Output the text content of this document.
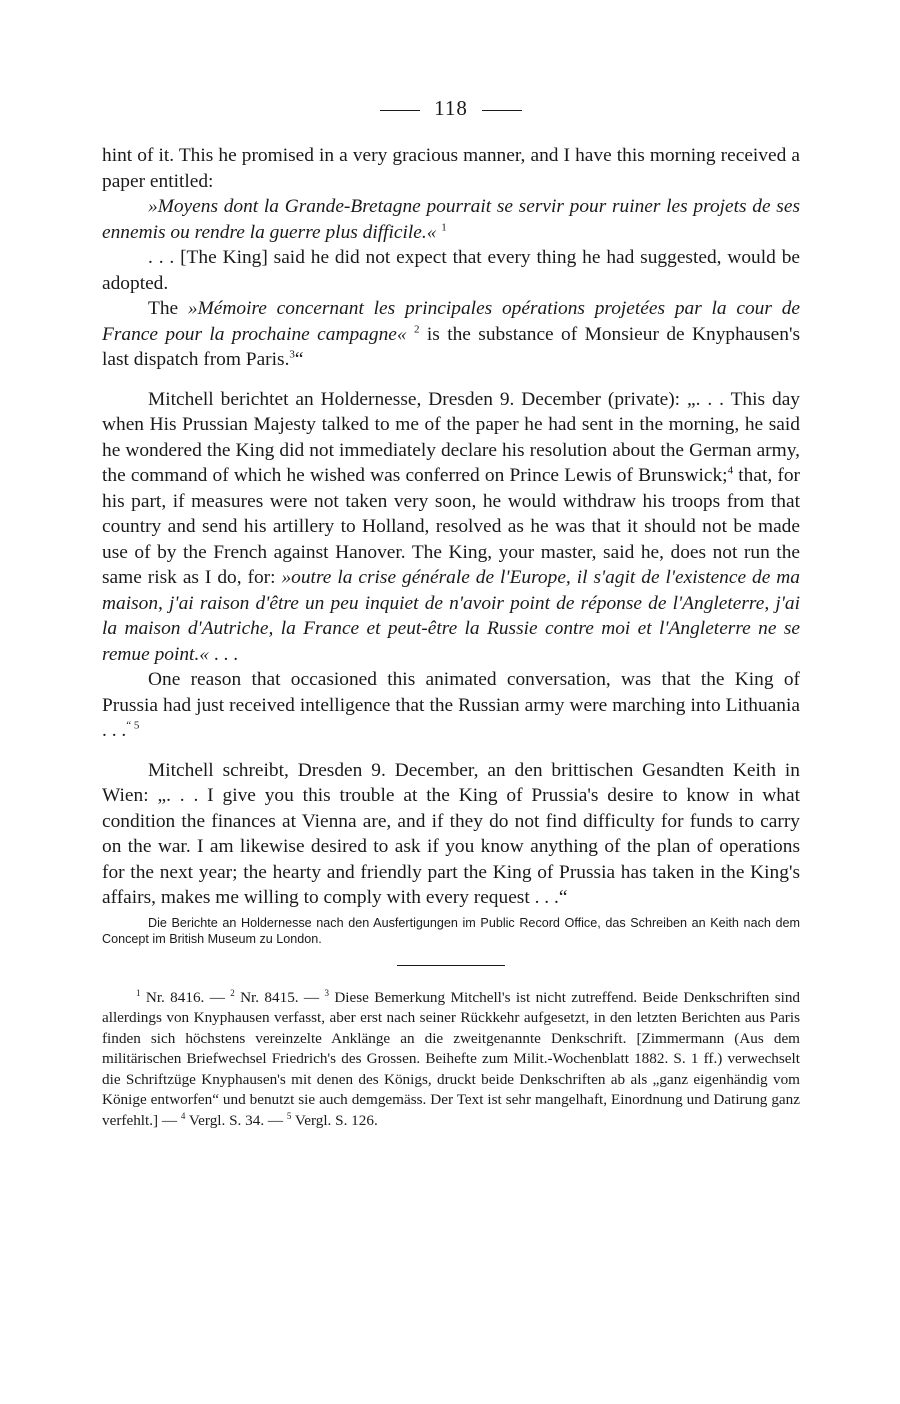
118

hint of it. This he promised in a very gracious manner, and I have this morning received a paper entitled:

»Moyens dont la Grande-Bretagne pourrait se servir pour ruiner les projets de ses ennemis ou rendre la guerre plus difficile.« $^1$

. . . [The King] said he did not expect that every thing he had suggested, would be adopted.

The »Mémoire concernant les principales opérations projetées par la cour de France pour la prochaine campagne« $^2$ is the substance of Monsieur de Knyphausen's last dispatch from Paris.$^3$“

Mitchell berichtet an Holdernesse, Dresden 9. December (private): „. . . This day when His Prussian Majesty talked to me of the paper he had sent in the morning, he said he wondered the King did not immediately declare his resolution about the German army, the command of which he wished was conferred on Prince Lewis of Brunswick;$^4$ that, for his part, if measures were not taken very soon, he would withdraw his troops from that country and send his artillery to Holland, resolved as he was that it should not be made use of by the French against Hanover. The King, your master, said he, does not run the same risk as I do, for: »outre la crise générale de l'Europe, il s'agit de l'existence de ma maison, j'ai raison d'être un peu inquiet de n'avoir point de réponse de l'Angleterre, j'ai la maison d'Autriche, la France et peut-être la Russie contre moi et l'Angleterre ne se remue point.« . . .

One reason that occasioned this animated conversation, was that the King of Prussia had just received intelligence that the Russian army were marching into Lithuania . . .$^{“ 5}$

Mitchell schreibt, Dresden 9. December, an den brittischen Gesandten Keith in Wien: „. . . I give you this trouble at the King of Prussia's desire to know in what condition the finances at Vienna are, and if they do not find difficulty for funds to carry on the war. I am likewise desired to ask if you know anything of the plan of operations for the next year; the hearty and friendly part the King of Prussia has taken in the King's affairs, makes me willing to comply with every request . . .“

Die Berichte an Holdernesse nach den Ausfertigungen im Public Record Office, das Schreiben an Keith nach dem Concept im British Museum zu London.

$^1$ Nr. 8416. — $^2$ Nr. 8415. — $^3$ Diese Bemerkung Mitchell's ist nicht zutreffend. Beide Denkschriften sind allerdings von Knyphausen verfasst, aber erst nach seiner Rückkehr aufgesetzt, in den letzten Berichten aus Paris finden sich höchstens vereinzelte Anklänge an die zweitgenannte Denkschrift. [Zimmermann (Aus dem militärischen Briefwechsel Friedrich's des Grossen. Beihefte zum Milit.-Wochenblatt 1882. S. 1 ff.) verwechselt die Schriftzüge Knyphausen's mit denen des Königs, druckt beide Denkschriften ab als „ganz eigenhändig vom Königе entworfen“ und benutzt sie auch demgemäss. Der Text ist sehr mangelhaft, Einordnung und Datirung ganz verfehlt.] — $^4$ Vergl. S. 34. — $^5$ Vergl. S. 126.
